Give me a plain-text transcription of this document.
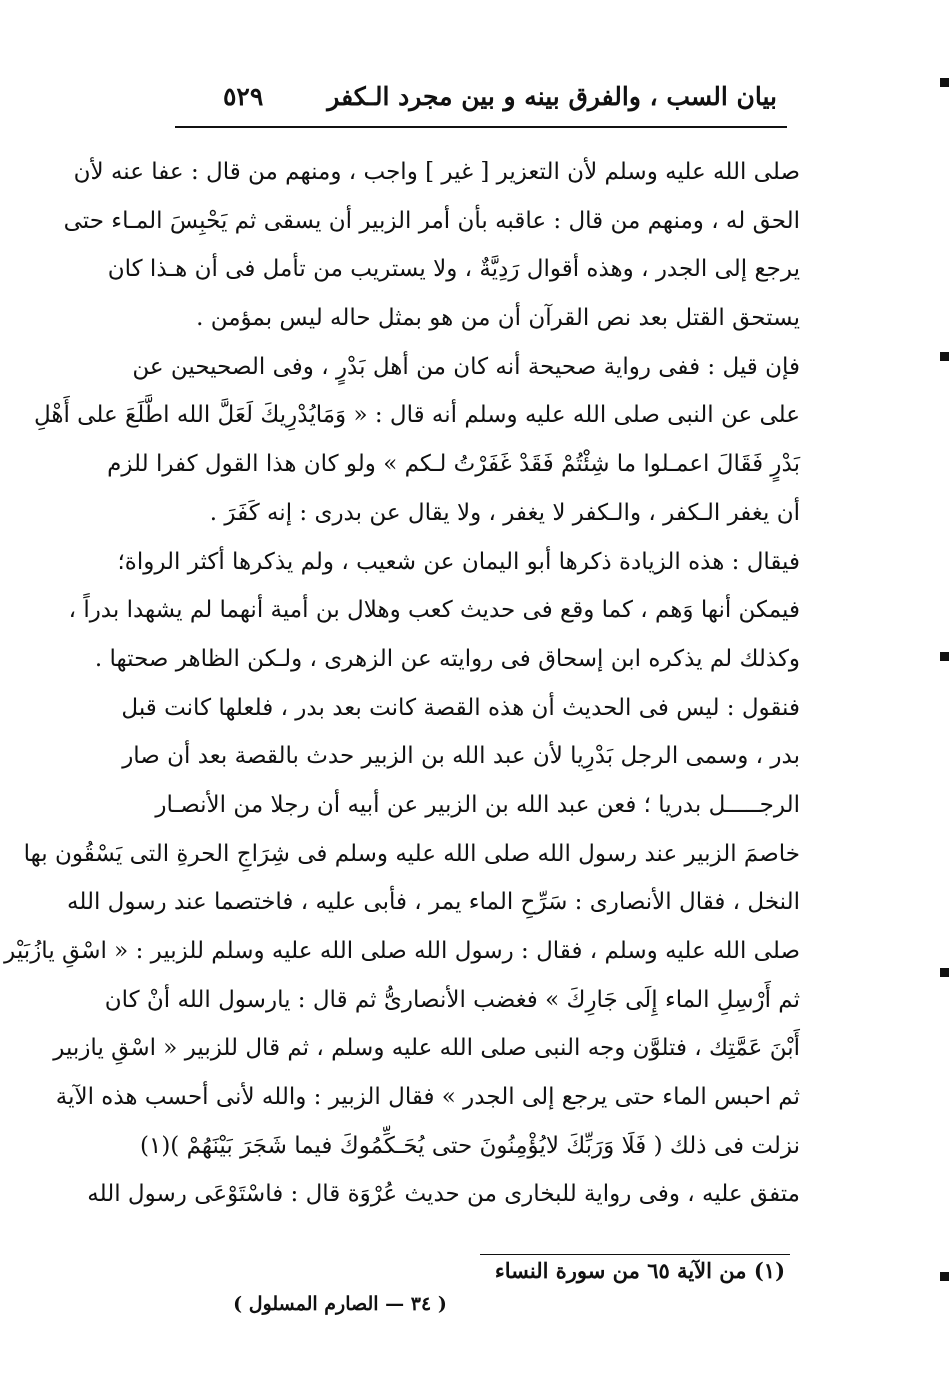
بيان السب ، والفرق بينه و بين مجرد الـكفر
٥٢٩
صلى الله عليه وسلم لأن التعزير [ غير ] واجب ، ومنهم من قال : عفا عنه لأن
الحق له ، ومنهم من قال : عاقبه بأن أمر الزبير أن يسقى ثم يَحْبِسَ المـاء حتى
يرجع إلى الجدر ، وهذه أقوال رَدِيَّةٌ ، ولا يستريب من تأمل فى أن هـذا كان
يستحق القتل بعد نص القرآن أن من هو بمثل حاله ليس بمؤمن .
فإن قيل : ففى رواية صحيحة أنه كان من أهل بَدْرٍ ، وفى الصحيحين عن
على عن النبى صلى الله عليه وسلم أنه قال : « وَمَايُدْرِيكَ لَعَلَّ الله اطَّلَعَ على أَهْلِ
بَدْرٍ فَقَالَ اعمـلوا ما شِئْتُمْ فَقَدْ غَفَرْتُ لـكم » ولو كان هذا القول كفرا للزم
أن يغفر الـكفر ، والـكفر لا يغفر ، ولا يقال عن بدرى : إنه كَفَرَ .
فيقال : هذه الزيادة ذكرها أبو اليمان عن شعيب ، ولم يذكرها أكثر الرواة؛
فيمكن أنها وَهم ، كما وقع فى حديث كعب وهلال بن أمية أنهما لم يشهدا بدراً ،
وكذلك لم يذكره ابن إسحاق فى روايته عن الزهرى ، ولـكن الظاهر صحتها .
فنقول : ليس فى الحديث أن هذه القصة كانت بعد بدر ، فلعلها كانت قبل
بدر ، وسمى الرجل بَدْرِيا لأن عبد الله بن الزبير حدث بالقصة بعد أن صار
الرجـــــل بدريا ؛ فعن عبد الله بن الزبير عن أبيه أن رجلا من الأنصـار
خاصمَ الزبير عند رسول الله صلى الله عليه وسلم فى شِرَاجِ الحرةِ التى يَسْقُون بها
النخل ، فقال الأنصارى : سَرِّحِ الماء يمر ، فأبى عليه ، فاختصما عند رسول الله
صلى الله عليه وسلم ، فقال : رسول الله صلى الله عليه وسلم للزبير : « اسْقِ يازُبَيْر
ثم أَرْسِلِ الماء إِلَى جَارِكَ » فغضب الأنصارىُّ ثم قال : يارسول الله أنْ كان
أَبْنَ عَمَّتِك ، فتلوَّن وجه النبى صلى الله عليه وسلم ، ثم قال للزبير « اسْقِ يازبير
ثم احبس الماء حتى يرجع إلى الجدر » فقال الزبير : والله لأنى أحسب هذه الآية
نزلت فى ذلك ( فَلَا وَرَبِّكَ لايُؤْمِنُونَ حتى يُحَـكِّمُوكَ فيما شَجَرَ بَيْنَهُمْ )(١)
متفق عليه ، وفى رواية للبخارى من حديث عُرْوَة قال : فاسْتَوْعَى رسول الله
(١) من الآية ٦٥ من سورة النساء
( ٣٤ — الصارم المسلول )
